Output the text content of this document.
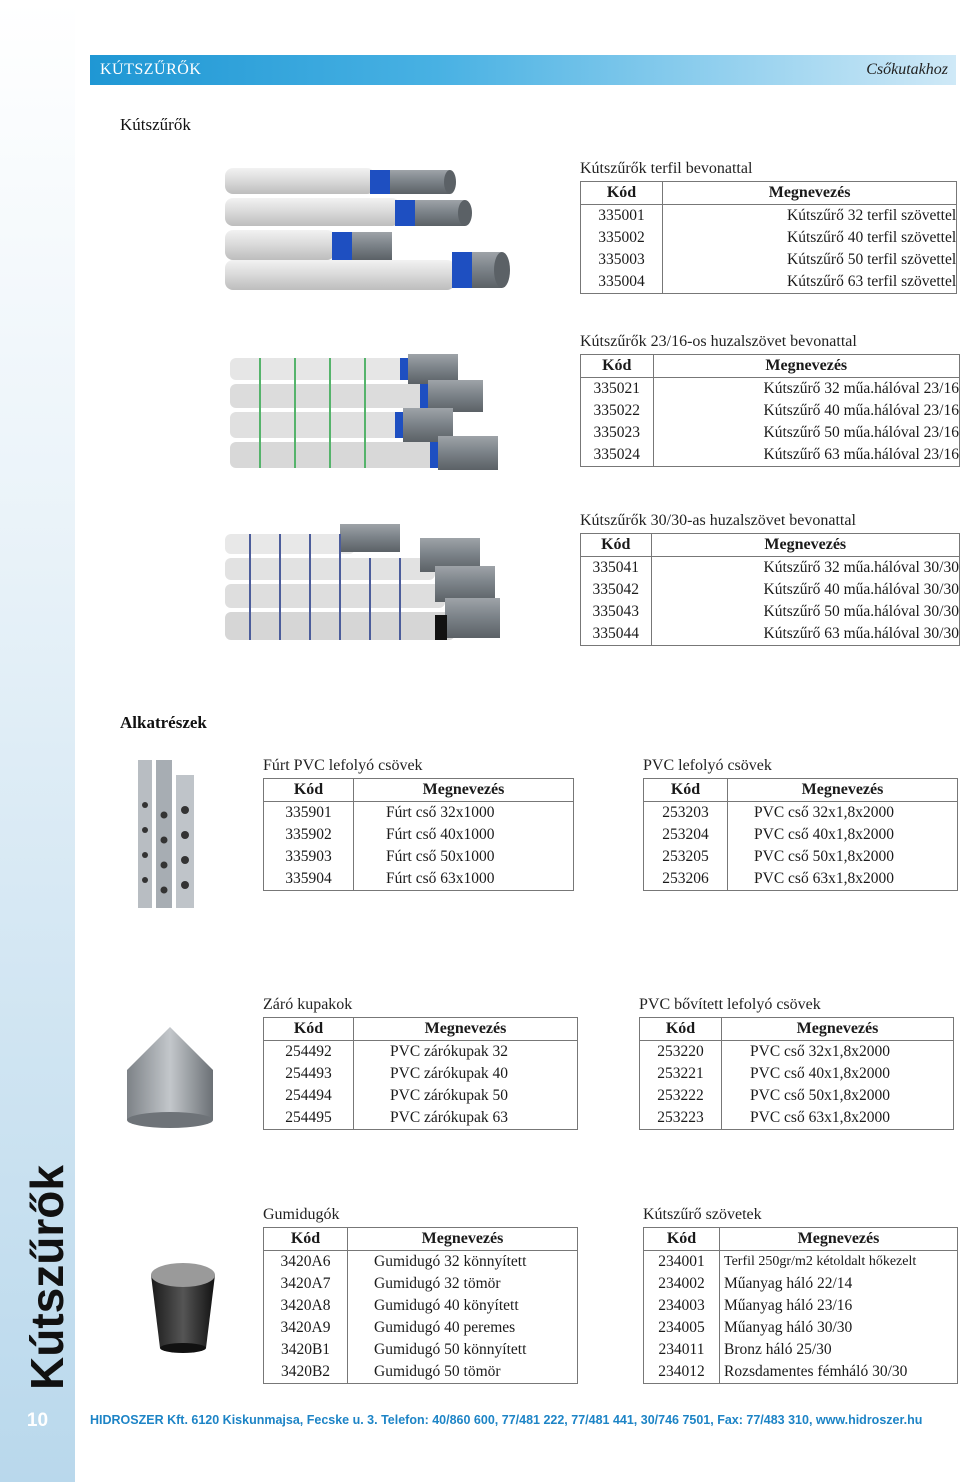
Kútszűrők
10
KÚTSZŰRŐK	Csőkutakhoz
Kútszűrők
Alkatrészek
Kútszűrők terfil bevonattal
Kód	Megnevezés
335001	Kútszűrő 32 terfil szövettel
335002	Kútszűrő 40 terfil szövettel
335003	Kútszűrő 50 terfil szövettel
335004	Kútszűrő 63 terfil szövettel
Kútszűrők 23/16-os huzalszövet bevonattal
Kód	Megnevezés
335021	Kútszűrő 32 műa.hálóval 23/16
335022	Kútszűrő 40 műa.hálóval 23/16
335023	Kútszűrő 50 műa.hálóval 23/16
335024	Kútszűrő 63 műa.hálóval 23/16
Kútszűrők 30/30-as huzalszövet bevonattal
Kód	Megnevezés
335041	Kútszűrő 32 műa.hálóval 30/30
335042	Kútszűrő 40 műa.hálóval 30/30
335043	Kútszűrő 50 műa.hálóval 30/30
335044	Kútszűrő 63 műa.hálóval 30/30
Fúrt PVC lefolyó csövek
Kód	Megnevezés
335901	Fúrt cső 32x1000
335902	Fúrt cső 40x1000
335903	Fúrt cső 50x1000
335904	Fúrt cső 63x1000
PVC lefolyó csövek
Kód	Megnevezés
253203	PVC cső 32x1,8x2000
253204	PVC cső 40x1,8x2000
253205	PVC cső 50x1,8x2000
253206	PVC cső 63x1,8x2000
Záró kupakok
Kód	Megnevezés
254492	PVC zárókupak 32
254493	PVC zárókupak 40
254494	PVC zárókupak 50
254495	PVC zárókupak 63
PVC bővített lefolyó csövek
Kód	Megnevezés
253220	PVC cső 32x1,8x2000
253221	PVC cső 40x1,8x2000
253222	PVC cső 50x1,8x2000
253223	PVC cső 63x1,8x2000
Gumidugók
Kód	Megnevezés
3420A6	Gumidugó 32 könnyített
3420A7	Gumidugó 32 tömör
3420A8	Gumidugó 40 könyített
3420A9	Gumidugó 40 peremes
3420B1	Gumidugó 50 könnyített
3420B2	Gumidugó 50 tömör
Kútszűrő szövetek
Kód	Megnevezés
234001	Terfil 250gr/m2 kétoldalt hőkezelt
234002	Műanyag háló 22/14
234003	Műanyag háló 23/16
234005	Műanyag háló 30/30
234011	Bronz háló 25/30
234012	Rozsdamentes fémháló 30/30
HIDROSZER Kft. 6120 Kiskunmajsa, Fecske u. 3. Telefon: 40/860 600, 77/481 222, 77/481 441, 30/746 7501, Fax: 77/483 310, www.hidroszer.hu
